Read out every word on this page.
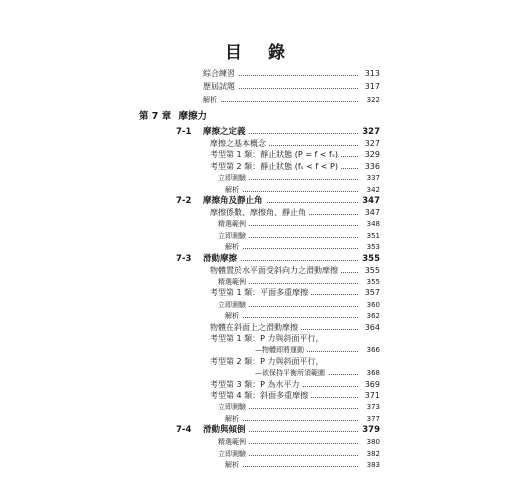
目 錄
綜合練習	313
歷屆試題	317
解析	322
第 7 章 摩擦力
7-1 摩擦之定義	327
摩擦之基本概念	327
考型第 1 類：靜止狀態 (P = f < fₛ)	329
考型第 2 類：靜止狀態 (fₛ < f < P)	336
立即測驗	337
解析	342
7-2 摩擦角及靜止角	347
摩擦係數、摩擦角、靜止角	347
精選範例	348
立即測驗	351
解析	353
7-3 滑動摩擦	355
物體置於水平面受斜向力之滑動摩擦	355
精選範例	355
考型第 1 類：平面多重摩擦	357
立即測驗	360
解析	362
物體在斜面上之滑動摩擦	364
考型第 1 類：P 力與斜面平行，
—物體即將運動	366
考型第 2 類：P 力與斜面平行，
—欲保持平衡所須範圍	368
考型第 3 類：P 為水平力	369
考型第 4 類：斜面多重摩擦	371
立即測驗	373
解析	377
7-4 滑動與傾倒	379
精選範例	380
立即測驗	382
解析	383
